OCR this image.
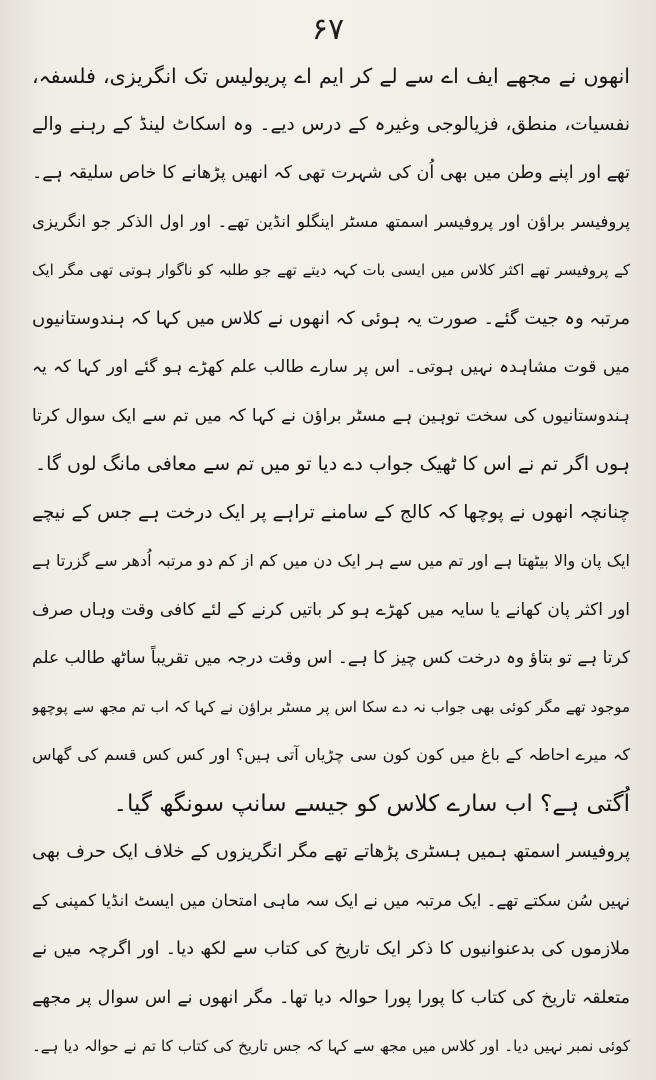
۶۷
انھوں نے مجھے ایف اے سے لے کر ایم اے پریولیس تک انگریزی، فلسفہ،
نفسیات، منطق، فزیالوجی وغیرہ کے درس دیے۔ وہ اسکاٹ لینڈ کے رہنے والے
تھے اور اپنے وطن میں بھی اُن کی شہرت تھی کہ انھیں پڑھانے کا خاص سلیقہ ہے۔
پروفیسر براؤن اور پروفیسر اسمتھ مسٹر اینگلو انڈین تھے۔ اور اول الذکر جو انگریزی
کے پروفیسر تھے اکثر کلاس میں ایسی بات کہہ دیتے تھے جو طلبہ کو ناگوار ہوتی تھی مگر ایک
مرتبہ وہ جیت گئے۔ صورت یہ ہوئی کہ انھوں نے کلاس میں کہا کہ ہندوستانیوں
میں قوت مشاہدہ نہیں ہوتی۔ اس پر سارے طالب علم کھڑے ہو گئے اور کہا کہ یہ
ہندوستانیوں کی سخت توہین ہے مسٹر براؤن نے کہا کہ میں تم سے ایک سوال کرتا
ہوں اگر تم نے اس کا ٹھیک جواب دے دیا تو میں تم سے معافی مانگ لوں گا۔
چنانچہ انھوں نے پوچھا کہ کالج کے سامنے تراہے پر ایک درخت ہے جس کے نیچے
ایک پان والا بیٹھتا ہے اور تم میں سے ہر ایک دن میں کم از کم دو مرتبہ اُدھر سے گزرتا ہے
اور اکثر پان کھانے یا سایہ میں کھڑے ہو کر باتیں کرنے کے لئے کافی وقت وہاں صرف
کرتا ہے تو بتاؤ وہ درخت کس چیز کا ہے۔ اس وقت درجہ میں تقریباً ساٹھ طالب علم
موجود تھے مگر کوئی بھی جواب نہ دے سکا اس پر مسٹر براؤن نے کہا کہ اب تم مجھ سے پوچھو
کہ میرے احاطہ کے باغ میں کون کون سی چڑیاں آتی ہیں؟ اور کس کس قسم کی گھاس
اُگتی ہے؟ اب سارے کلاس کو جیسے سانپ سونگھ گیا۔
پروفیسر اسمتھ ہمیں ہسٹری پڑھاتے تھے مگر انگریزوں کے خلاف ایک حرف بھی
نہیں سُن سکتے تھے۔ ایک مرتبہ میں نے ایک سہ ماہی امتحان میں ایسٹ انڈیا کمپنی کے
ملازموں کی بدعنوانیوں کا ذکر ایک تاریخ کی کتاب سے لکھ دیا۔ اور اگرچہ میں نے
متعلقہ تاریخ کی کتاب کا پورا پورا حوالہ دیا تھا۔ مگر انھوں نے اس سوال پر مجھے
کوئی نمبر نہیں دیا۔ اور کلاس میں مجھ سے کہا کہ جس تاریخ کی کتاب کا تم نے حوالہ دیا ہے۔
